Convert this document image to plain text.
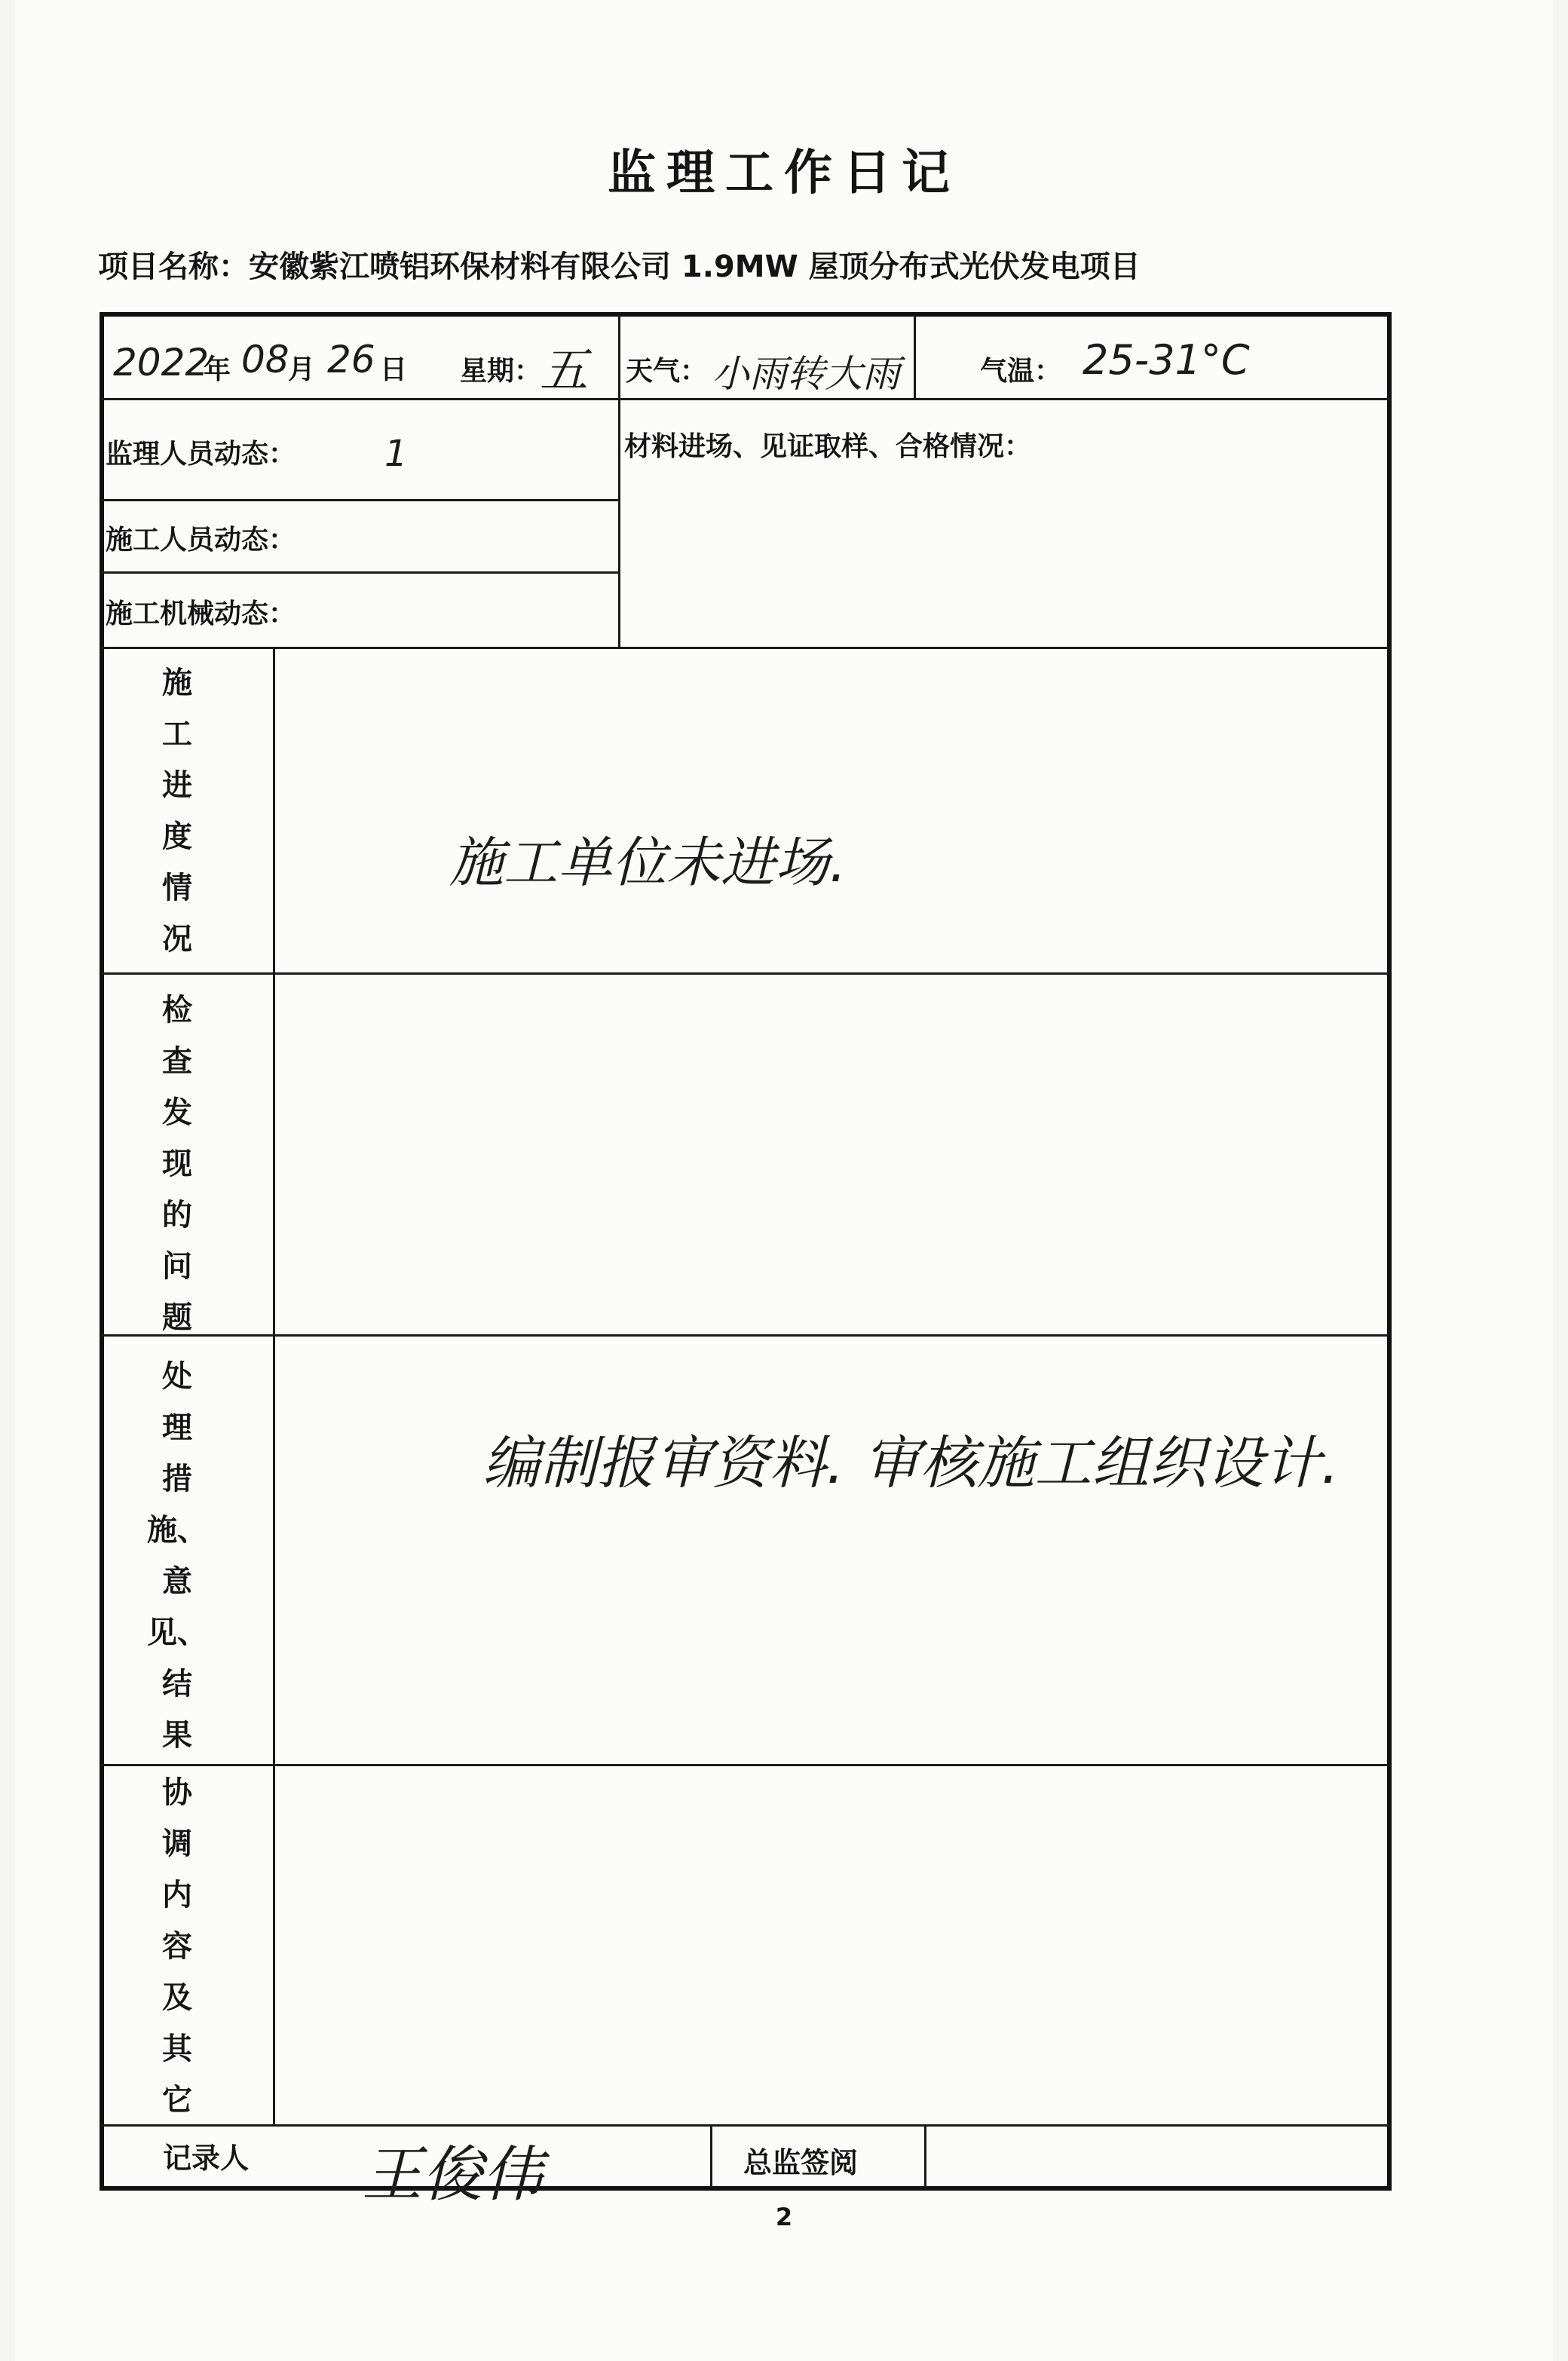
监理工作日记
项目名称：安徽紫江喷铝环保材料有限公司 1.9MW 屋顶分布式光伏发电项目
2022
年 08
月 26 日 星期：
五 天气： 小雨转大雨	气温： 25-31°C
监理人员动态： 1
施工人员动态：
施工机械动态：
材料进场、见证取样、合格情况：
施
工
进
度
情
况
施工单位未进场.
检
查
发
现
的
问
题
处
理
措
施、
意
见、
结
果
编制报审资料. 审核施工组织设计.
协
调
内
容
及
其
它
记录人 王俊伟	总监签阅
2
